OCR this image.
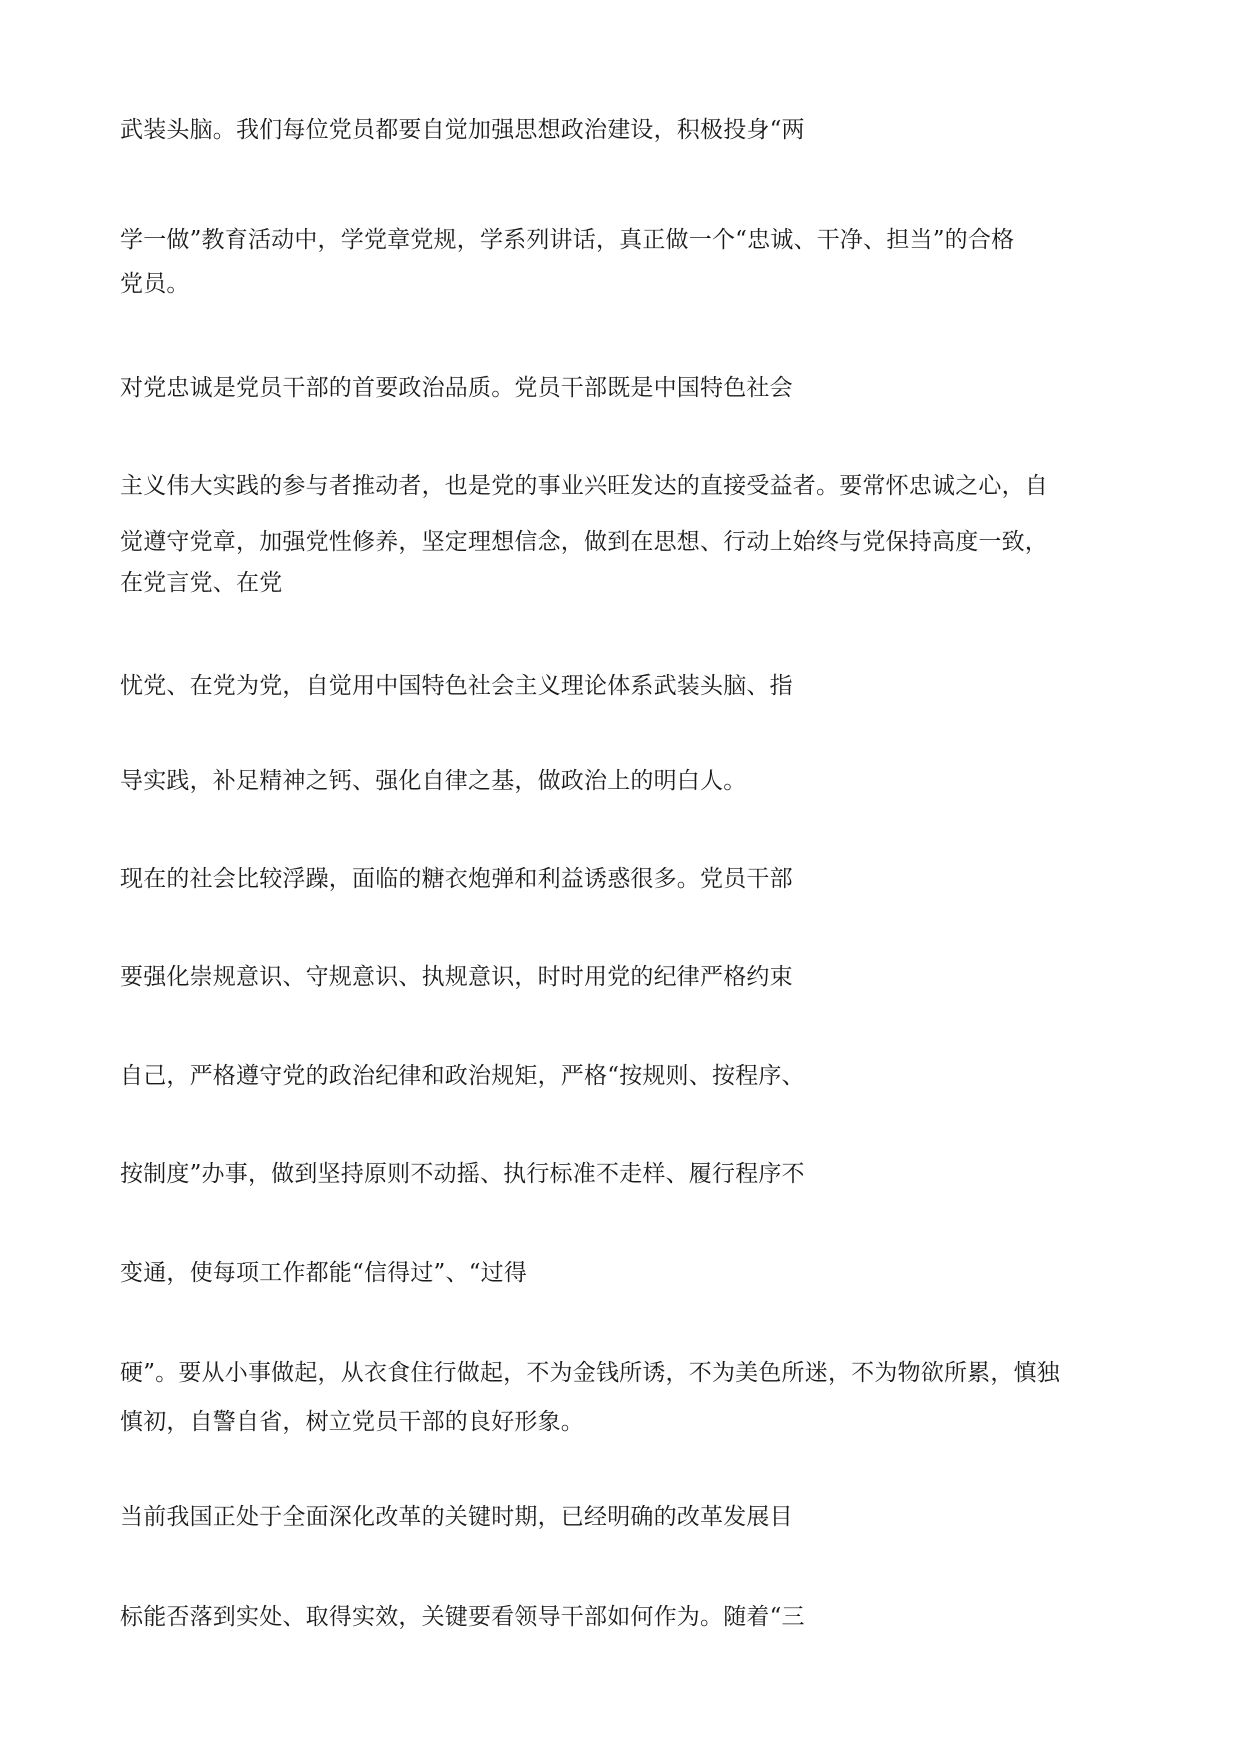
武装头脑。我们每位党员都要自觉加强思想政治建设，积极投身“两
学一做”教育活动中，学党章党规，学系列讲话，真正做一个“忠诚、干净、担当”的合格
党员。
对党忠诚是党员干部的首要政治品质。党员干部既是中国特色社会
主义伟大实践的参与者推动者，也是党的事业兴旺发达的直接受益者。要常怀忠诚之心，自
觉遵守党章，加强党性修养，坚定理想信念，做到在思想、行动上始终与党保持高度一致，
在党言党、在党
忧党、在党为党，自觉用中国特色社会主义理论体系武装头脑、指
导实践，补足精神之钙、强化自律之基，做政治上的明白人。
现在的社会比较浮躁，面临的糖衣炮弹和利益诱惑很多。党员干部
要强化崇规意识、守规意识、执规意识，时时用党的纪律严格约束
自己，严格遵守党的政治纪律和政治规矩，严格“按规则、按程序、
按制度”办事，做到坚持原则不动摇、执行标准不走样、履行程序不
变通，使每项工作都能“信得过”、“过得
硬”。要从小事做起，从衣食住行做起，不为金钱所诱，不为美色所迷，不为物欲所累，慎独
慎初，自警自省，树立党员干部的良好形象。
当前我国正处于全面深化改革的关键时期，已经明确的改革发展目
标能否落到实处、取得实效，关键要看领导干部如何作为。随着“三
